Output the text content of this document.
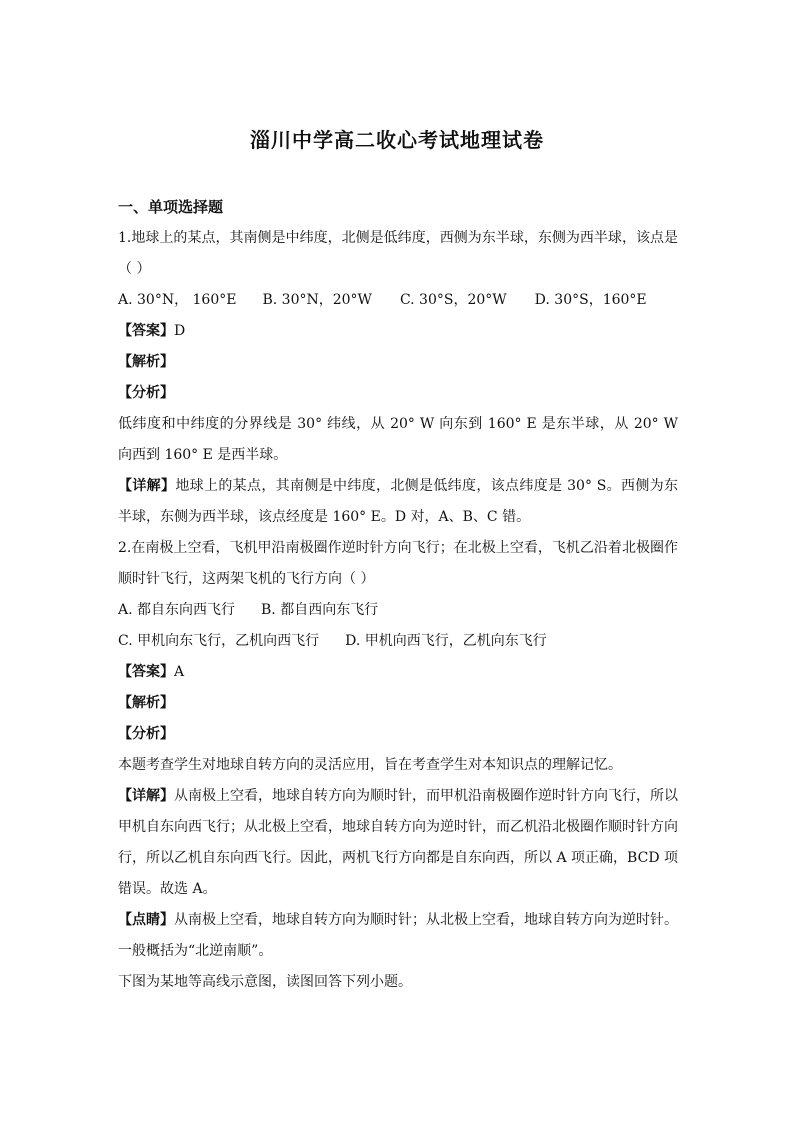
淄川中学高二收心考试地理试卷
一、单项选择题
1.地球上的某点，其南侧是中纬度，北侧是低纬度，西侧为东半球，东侧为西半球，该点是（ ）
A. 30°N， 160°E B. 30°N，20°W C. 30°S，20°W D. 30°S，160°E
【答案】D
【解析】
【分析】
低纬度和中纬度的分界线是 30° 纬线，从 20° W 向东到 160° E 是东半球，从 20° W 向西到 160° E 是西半球。
【详解】地球上的某点，其南侧是中纬度，北侧是低纬度，该点纬度是 30° S。西侧为东半球，东侧为西半球，该点经度是 160° E。D 对，A、B、C 错。
2.在南极上空看，飞机甲沿南极圈作逆时针方向飞行；在北极上空看，飞机乙沿着北极圈作顺时针飞行，这两架飞机的飞行方向（ ）
A. 都自东向西飞行 B. 都自西向东飞行
C. 甲机向东飞行，乙机向西飞行 D. 甲机向西飞行，乙机向东飞行
【答案】A
【解析】
【分析】
本题考查学生对地球自转方向的灵活应用，旨在考查学生对本知识点的理解记忆。
【详解】从南极上空看，地球自转方向为顺时针，而甲机沿南极圈作逆时针方向飞行，所以甲机自东向西飞行；从北极上空看，地球自转方向为逆时针，而乙机沿北极圈作顺时针方向行，所以乙机自东向西飞行。因此，两机飞行方向都是自东向西，所以 A 项正确，BCD 项错误。故选 A。
【点睛】从南极上空看，地球自转方向为顺时针；从北极上空看，地球自转方向为逆时针。一般概括为“北逆南顺”。
下图为某地等高线示意图，读图回答下列小题。
